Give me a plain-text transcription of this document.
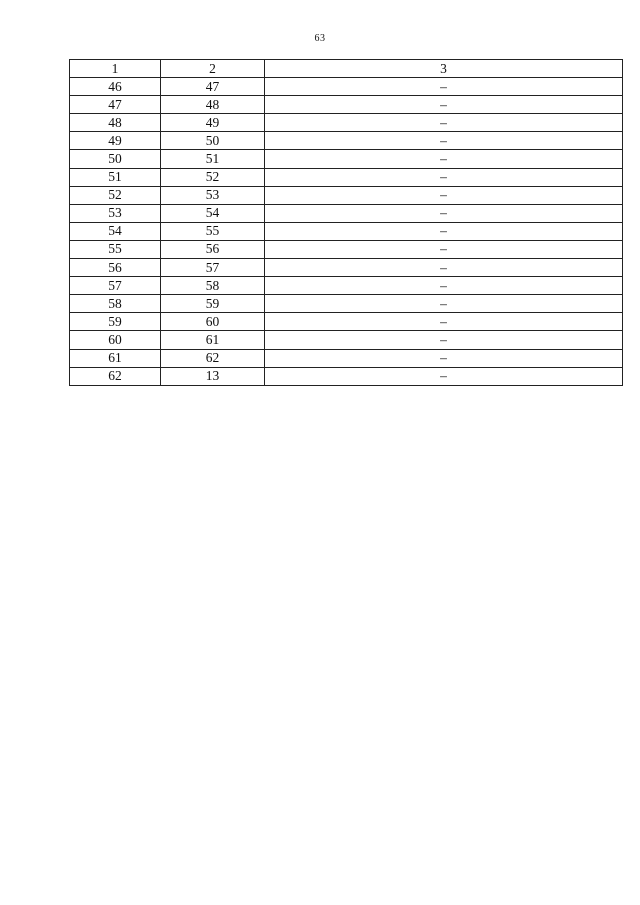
63
1	2	3
46	47	–
47	48	–
48	49	–
49	50	–
50	51	–
51	52	–
52	53	–
53	54	–
54	55	–
55	56	–
56	57	–
57	58	–
58	59	–
59	60	–
60	61	–
61	62	–
62	13	–
